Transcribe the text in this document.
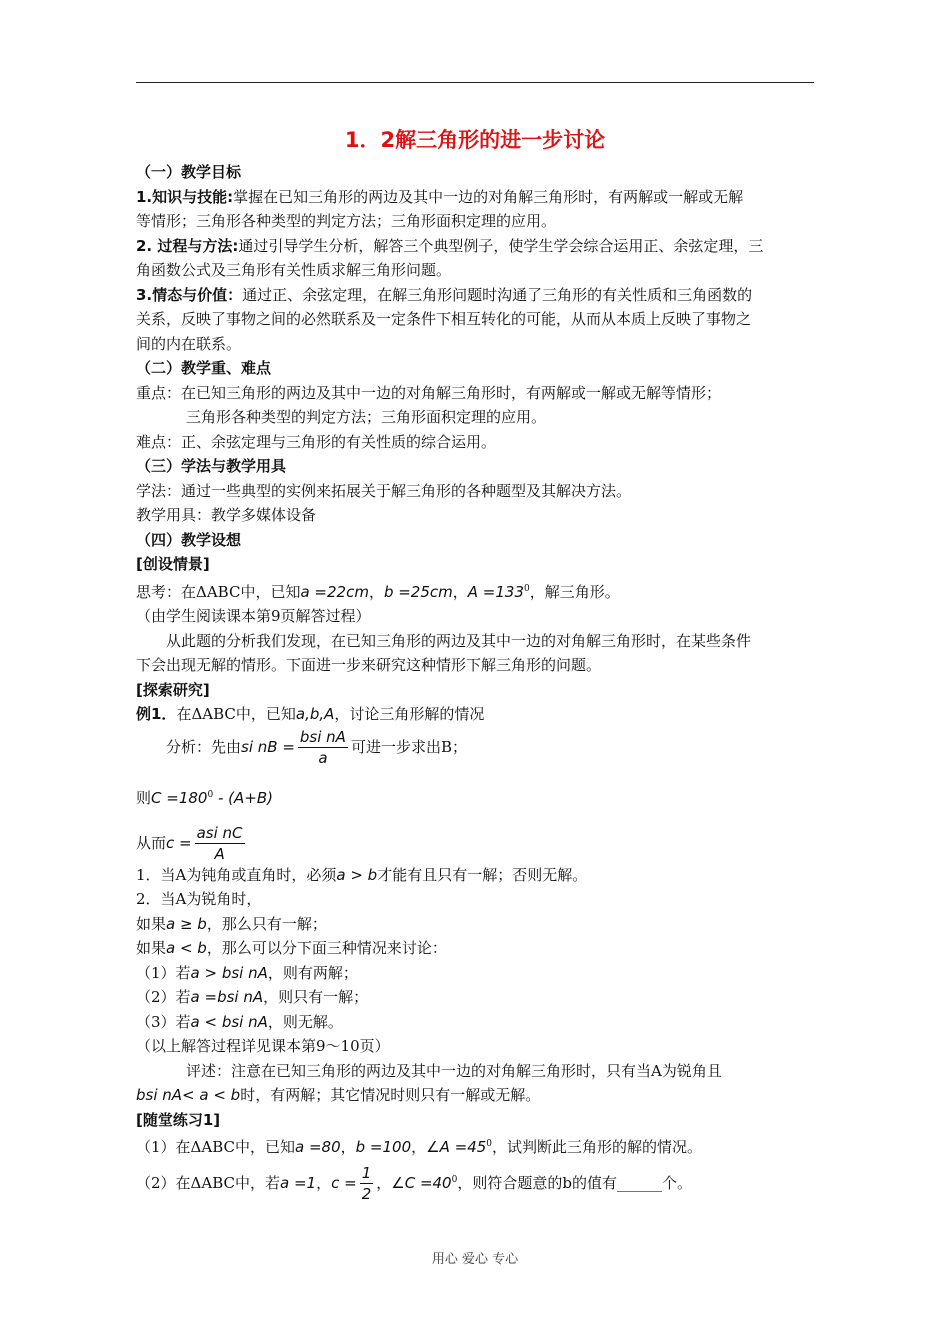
1．2解三角形的进一步讨论
（一）教学目标
1.知识与技能:掌握在已知三角形的两边及其中一边的对角解三角形时，有两解或一解或无解
等情形；三角形各种类型的判定方法；三角形面积定理的应用。
2. 过程与方法:通过引导学生分析，解答三个典型例子，使学生学会综合运用正、余弦定理，三
角函数公式及三角形有关性质求解三角形问题。
3.情态与价值：通过正、余弦定理，在解三角形问题时沟通了三角形的有关性质和三角函数的
关系，反映了事物之间的必然联系及一定条件下相互转化的可能，从而从本质上反映了事物之
间的内在联系。
（二）教学重、难点
重点：在已知三角形的两边及其中一边的对角解三角形时，有两解或一解或无解等情形；
三角形各种类型的判定方法；三角形面积定理的应用。
难点：正、余弦定理与三角形的有关性质的综合运用。
（三）学法与教学用具
学法：通过一些典型的实例来拓展关于解三角形的各种题型及其解决方法。
教学用具：教学多媒体设备
（四）教学设想
[创设情景]
思考：在ΔABC中，已知a =22cm，b =25cm，$A =133^0$，解三角形。
（由学生阅读课本第9页解答过程）
从此题的分析我们发现，在已知三角形的两边及其中一边的对角解三角形时，在某些条件
下会出现无解的情形。下面进一步来研究这种情形下解三角形的问题。
[探索研究]
例1．在ΔABC中，已知a,b,A，讨论三角形解的情况
分析：先由si nB = $\frac{\text{bsi nA}}{a}$ 可进一步求出B；
则$C =180^0 - (A+B)$
从而$c = \frac{\text{asi nC}}{A}$
1．当A为钝角或直角时，必须a > b才能有且只有一解；否则无解。
2．当A为锐角时，
如果a ≥ b，那么只有一解；
如果a < b，那么可以分下面三种情况来讨论：
（1）若a > bsi nA，则有两解；
（2）若a =bsi nA，则只有一解；
（3）若a < bsi nA，则无解。
（以上解答过程详见课本第9～10页）
评述：注意在已知三角形的两边及其中一边的对角解三角形时，只有当A为锐角且
bsi nA< a < b时，有两解；其它情况时则只有一解或无解。
[随堂练习1]
（1）在ΔABC中，已知a =80，b =100，∠A $=45^0$，试判断此三角形的解的情况。
（2）在ΔABC中，若a =1，$c = \frac{1}{2}$ ，∠C $=40^0$，则符合题意的b的值有______个。
用心 爱心 专心
